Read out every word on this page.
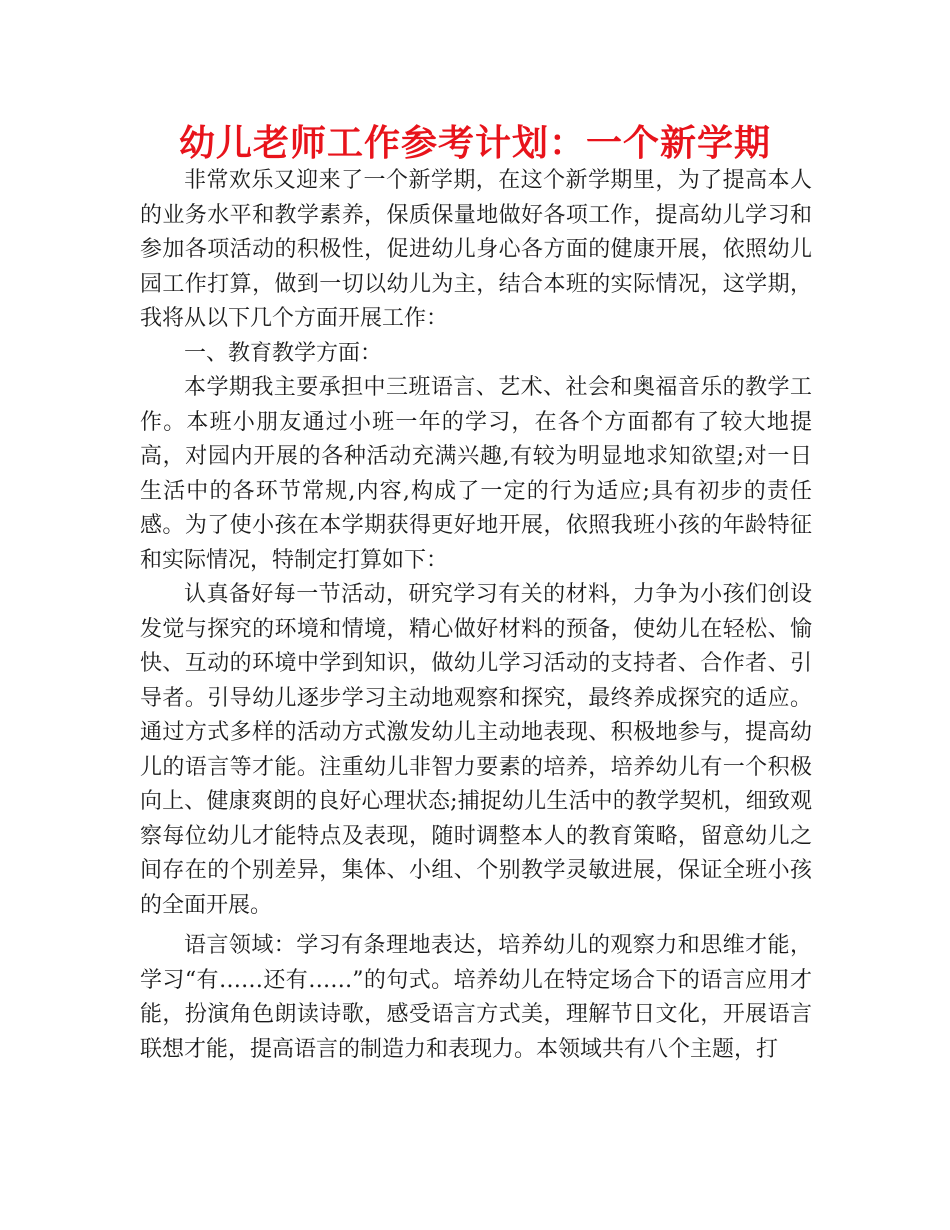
幼儿老师工作参考计划：一个新学期

非常欢乐又迎来了一个新学期，在这个新学期里，为了提高本人的业务水平和教学素养，保质保量地做好各项工作，提高幼儿学习和参加各项活动的积极性，促进幼儿身心各方面的健康开展，依照幼儿园工作打算，做到一切以幼儿为主，结合本班的实际情况，这学期，我将从以下几个方面开展工作：

一、教育教学方面：

本学期我主要承担中三班语言、艺术、社会和奥福音乐的教学工作。本班小朋友通过小班一年的学习，在各个方面都有了较大地提高，对园内开展的各种活动充满兴趣,有较为明显地求知欲望;对一日生活中的各环节常规,内容,构成了一定的行为适应;具有初步的责任感。为了使小孩在本学期获得更好地开展，依照我班小孩的年龄特征和实际情况，特制定打算如下：

认真备好每一节活动，研究学习有关的材料，力争为小孩们创设发觉与探究的环境和情境，精心做好材料的预备，使幼儿在轻松、愉快、互动的环境中学到知识，做幼儿学习活动的支持者、合作者、引导者。引导幼儿逐步学习主动地观察和探究，最终养成探究的适应。通过方式多样的活动方式激发幼儿主动地表现、积极地参与，提高幼儿的语言等才能。注重幼儿非智力要素的培养，培养幼儿有一个积极向上、健康爽朗的良好心理状态;捕捉幼儿生活中的教学契机，细致观察每位幼儿才能特点及表现，随时调整本人的教育策略，留意幼儿之间存在的个别差异，集体、小组、个别教学灵敏进展，保证全班小孩的全面开展。

语言领域：学习有条理地表达，培养幼儿的观察力和思维才能，学习“有……还有……”的句式。培养幼儿在特定场合下的语言应用才能，扮演角色朗读诗歌，感受语言方式美，理解节日文化，开展语言联想才能，提高语言的制造力和表现力。本领域共有八个主题，打
